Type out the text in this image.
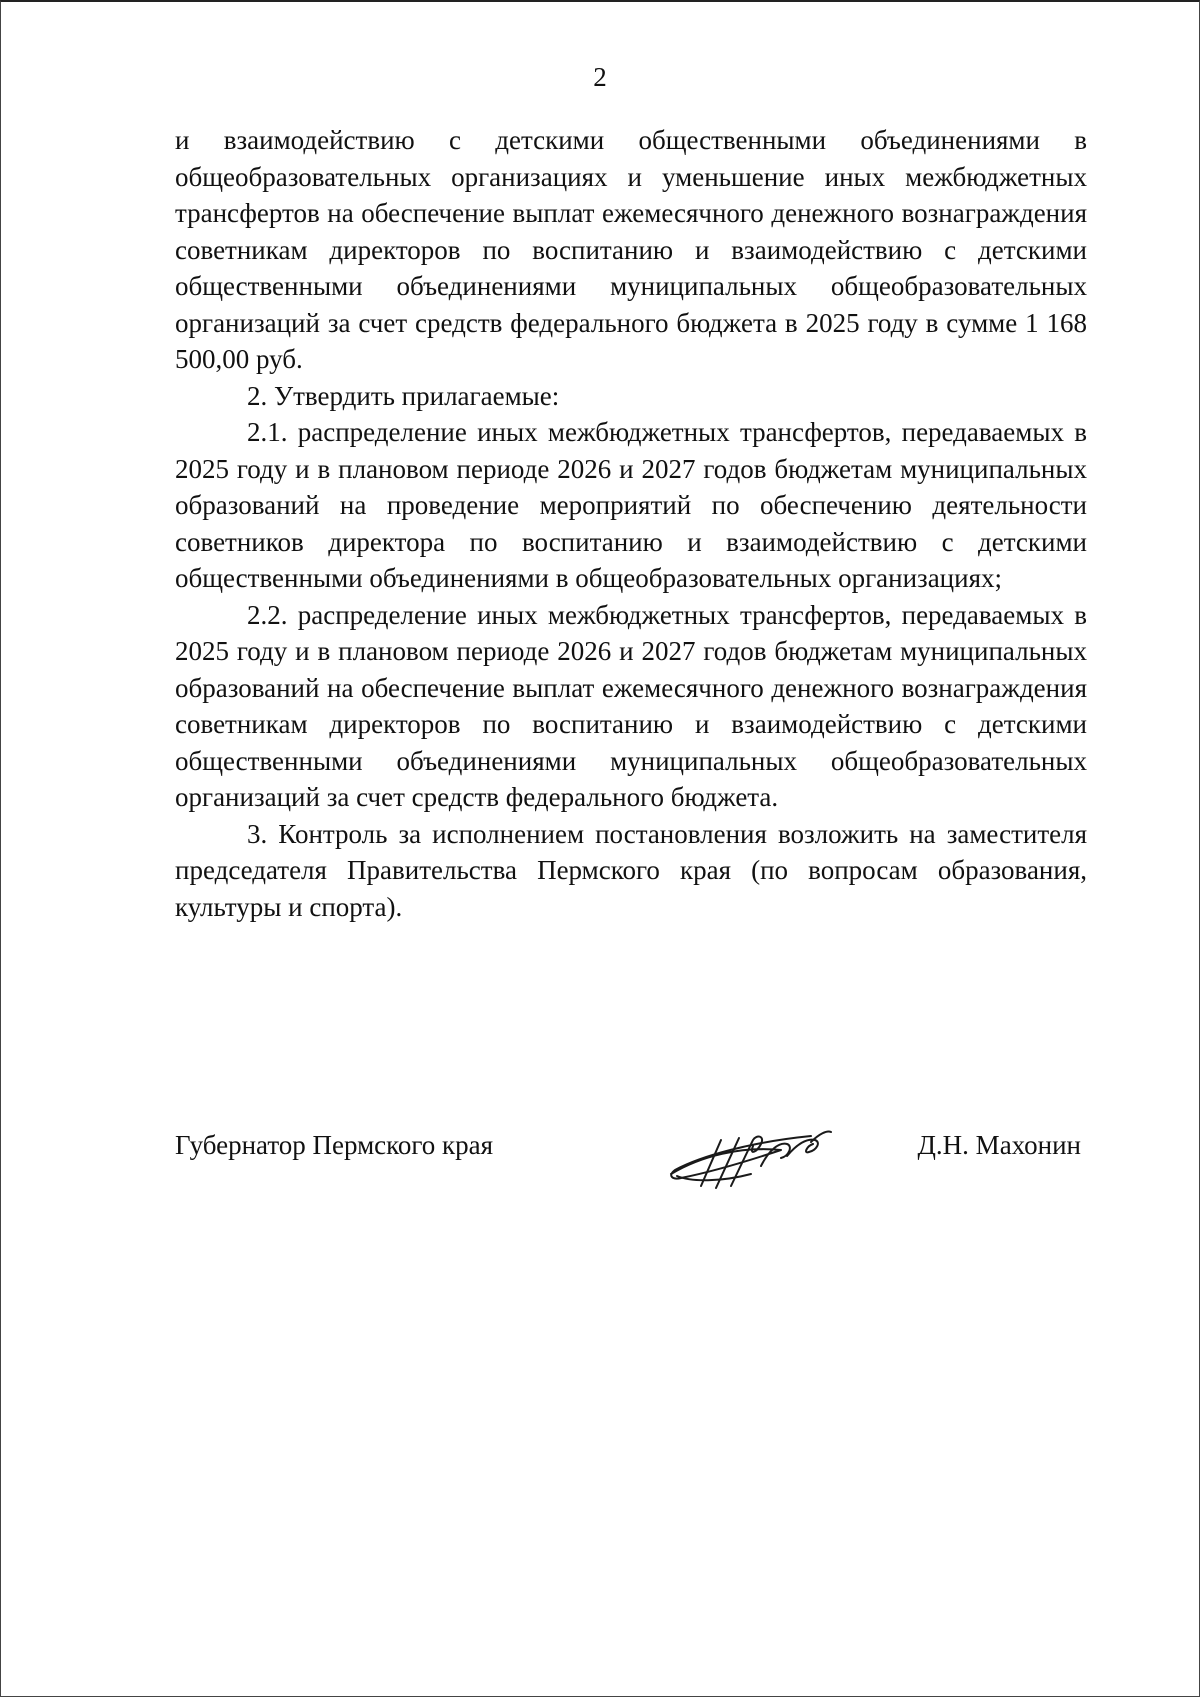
2

и взаимодействию с детскими общественными объединениями в общеобразовательных организациях и уменьшение иных межбюджетных трансфертов на обеспечение выплат ежемесячного денежного вознаграждения советникам директоров по воспитанию и взаимодействию с детскими общественными объединениями муниципальных общеобразовательных организаций за счет средств федерального бюджета в 2025 году в сумме 1 168 500,00 руб.

2. Утвердить прилагаемые:

2.1. распределение иных межбюджетных трансфертов, передаваемых в 2025 году и в плановом периоде 2026 и 2027 годов бюджетам муниципальных образований на проведение мероприятий по обеспечению деятельности советников директора по воспитанию и взаимодействию с детскими общественными объединениями в общеобразовательных организациях;

2.2. распределение иных межбюджетных трансфертов, передаваемых в 2025 году и в плановом периоде 2026 и 2027 годов бюджетам муниципальных образований на обеспечение выплат ежемесячного денежного вознаграждения советникам директоров по воспитанию и взаимодействию с детскими общественными объединениями муниципальных общеобразовательных организаций за счет средств федерального бюджета.

3. Контроль за исполнением постановления возложить на заместителя председателя Правительства Пермского края (по вопросам образования, культуры и спорта).

Губернатор Пермского края	Д.Н. Махонин
